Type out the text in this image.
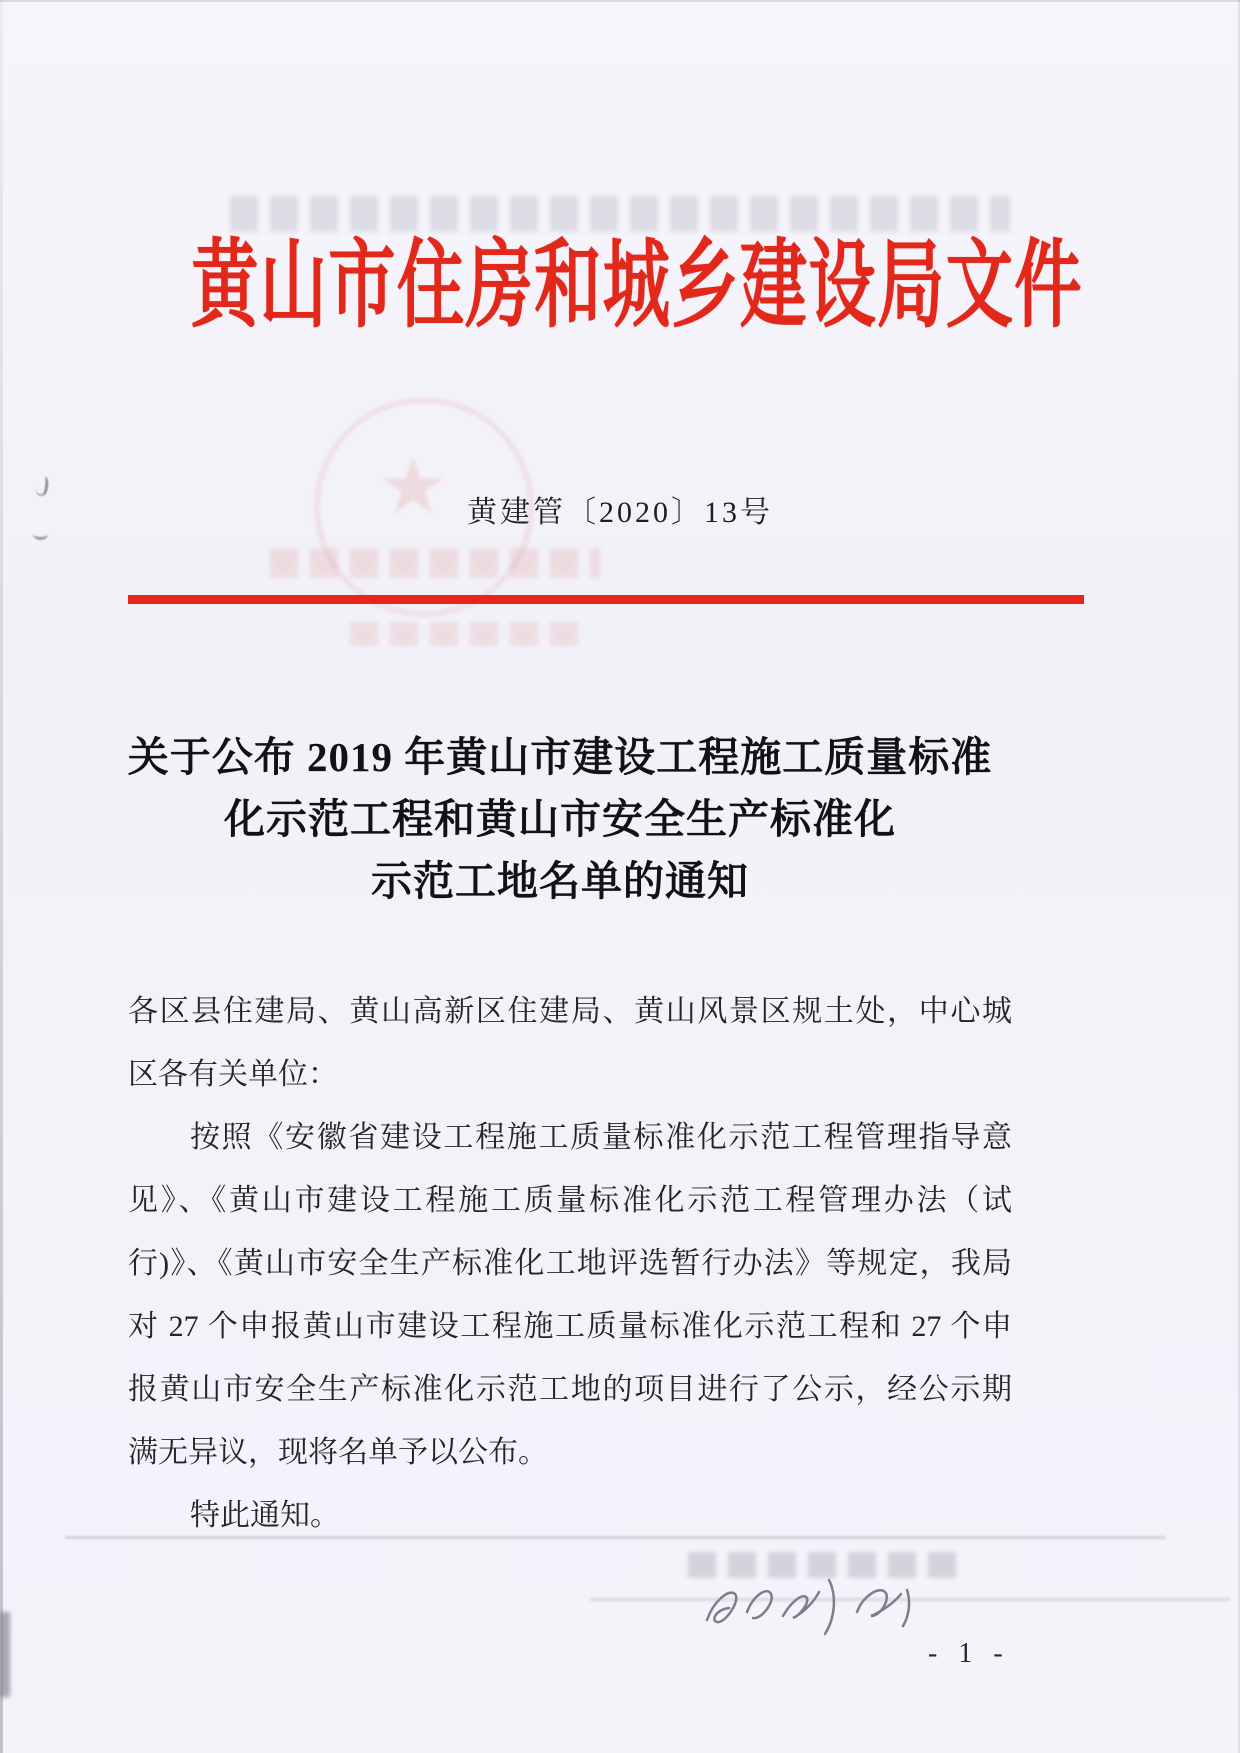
★
黄山市住房和城乡建设局文件
黄建管〔2020〕13号
关于公布 2019 年黄山市建设工程施工质量标准
化示范工程和黄山市安全生产标准化
示范工地名单的通知
各区县住建局、黄山高新区住建局、黄山风景区规土处，中心城
区各有关单位：
按照《安徽省建设工程施工质量标准化示范工程管理指导意
见》、《黄山市建设工程施工质量标准化示范工程管理办法（试
行)》、《黄山市安全生产标准化工地评选暂行办法》等规定，我局
对 27 个申报黄山市建设工程施工质量标准化示范工程和 27 个申
报黄山市安全生产标准化示范工地的项目进行了公示，经公示期
满无异议，现将名单予以公布。
特此通知。
- 1 -
